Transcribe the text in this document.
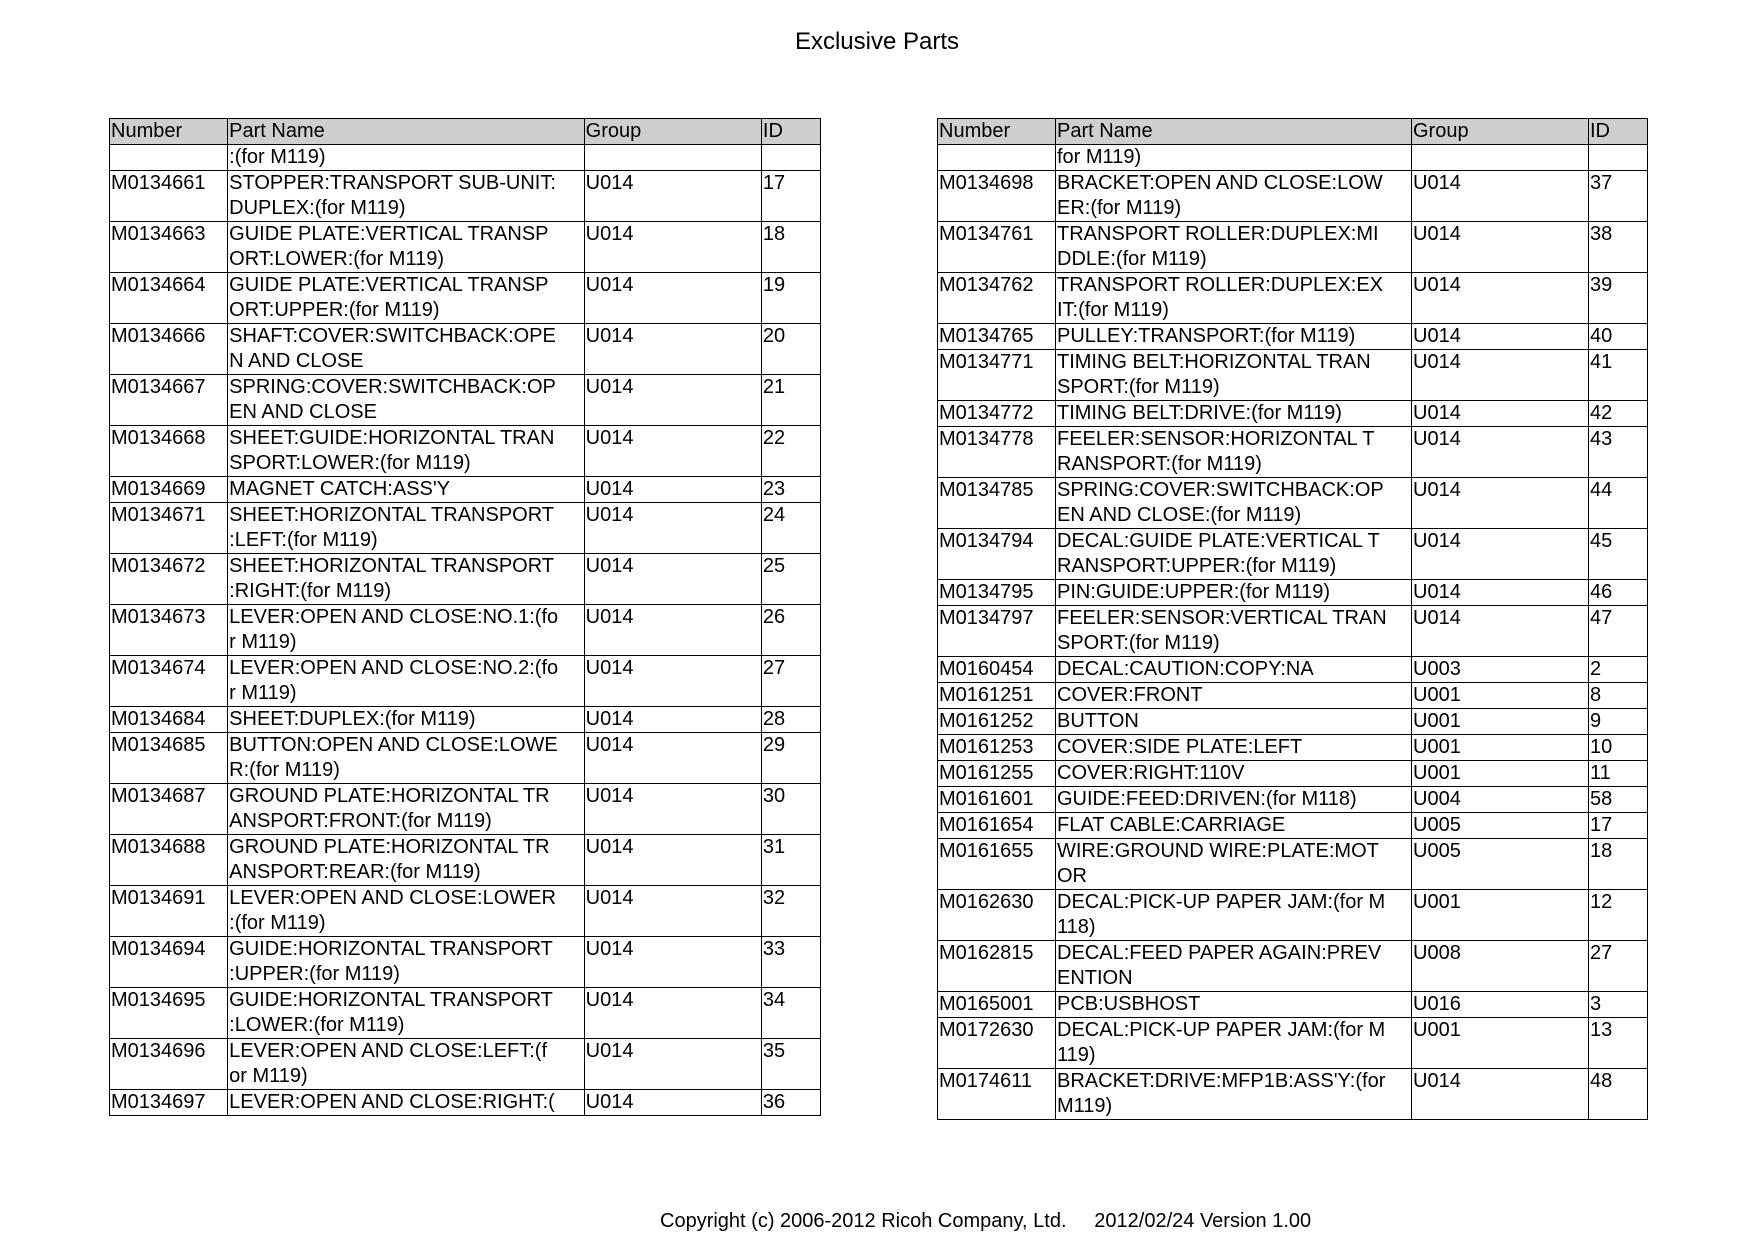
Exclusive Parts
Number	Part Name	Group	ID
	:(for M119)		
M0134661	STOPPER:TRANSPORT SUB-UNIT:
DUPLEX:(for M119)	U014	17
M0134663	GUIDE PLATE:VERTICAL TRANSP
ORT:LOWER:(for M119)	U014	18
M0134664	GUIDE PLATE:VERTICAL TRANSP
ORT:UPPER:(for M119)	U014	19
M0134666	SHAFT:COVER:SWITCHBACK:OPE
N AND CLOSE	U014	20
M0134667	SPRING:COVER:SWITCHBACK:OP
EN AND CLOSE	U014	21
M0134668	SHEET:GUIDE:HORIZONTAL TRAN
SPORT:LOWER:(for M119)	U014	22
M0134669	MAGNET CATCH:ASS'Y	U014	23
M0134671	SHEET:HORIZONTAL TRANSPORT
:LEFT:(for M119)	U014	24
M0134672	SHEET:HORIZONTAL TRANSPORT
:RIGHT:(for M119)	U014	25
M0134673	LEVER:OPEN AND CLOSE:NO.1:(fo
r M119)	U014	26
M0134674	LEVER:OPEN AND CLOSE:NO.2:(fo
r M119)	U014	27
M0134684	SHEET:DUPLEX:(for M119)	U014	28
M0134685	BUTTON:OPEN AND CLOSE:LOWE
R:(for M119)	U014	29
M0134687	GROUND PLATE:HORIZONTAL TR
ANSPORT:FRONT:(for M119)	U014	30
M0134688	GROUND PLATE:HORIZONTAL TR
ANSPORT:REAR:(for M119)	U014	31
M0134691	LEVER:OPEN AND CLOSE:LOWER
:(for M119)	U014	32
M0134694	GUIDE:HORIZONTAL TRANSPORT
:UPPER:(for M119)	U014	33
M0134695	GUIDE:HORIZONTAL TRANSPORT
:LOWER:(for M119)	U014	34
M0134696	LEVER:OPEN AND CLOSE:LEFT:(f
or M119)	U014	35
M0134697	LEVER:OPEN AND CLOSE:RIGHT:(	U014	36
Number	Part Name	Group	ID
	for M119)		
M0134698	BRACKET:OPEN AND CLOSE:LOW
ER:(for M119)	U014	37
M0134761	TRANSPORT ROLLER:DUPLEX:MI
DDLE:(for M119)	U014	38
M0134762	TRANSPORT ROLLER:DUPLEX:EX
IT:(for M119)	U014	39
M0134765	PULLEY:TRANSPORT:(for M119)	U014	40
M0134771	TIMING BELT:HORIZONTAL TRAN
SPORT:(for M119)	U014	41
M0134772	TIMING BELT:DRIVE:(for M119)	U014	42
M0134778	FEELER:SENSOR:HORIZONTAL T
RANSPORT:(for M119)	U014	43
M0134785	SPRING:COVER:SWITCHBACK:OP
EN AND CLOSE:(for M119)	U014	44
M0134794	DECAL:GUIDE PLATE:VERTICAL T
RANSPORT:UPPER:(for M119)	U014	45
M0134795	PIN:GUIDE:UPPER:(for M119)	U014	46
M0134797	FEELER:SENSOR:VERTICAL TRAN
SPORT:(for M119)	U014	47
M0160454	DECAL:CAUTION:COPY:NA	U003	2
M0161251	COVER:FRONT	U001	8
M0161252	BUTTON	U001	9
M0161253	COVER:SIDE PLATE:LEFT	U001	10
M0161255	COVER:RIGHT:110V	U001	11
M0161601	GUIDE:FEED:DRIVEN:(for M118)	U004	58
M0161654	FLAT CABLE:CARRIAGE	U005	17
M0161655	WIRE:GROUND WIRE:PLATE:MOT
OR	U005	18
M0162630	DECAL:PICK-UP PAPER JAM:(for M
118)	U001	12
M0162815	DECAL:FEED PAPER AGAIN:PREV
ENTION	U008	27
M0165001	PCB:USBHOST	U016	3
M0172630	DECAL:PICK-UP PAPER JAM:(for M
119)	U001	13
M0174611	BRACKET:DRIVE:MFP1B:ASS'Y:(for
M119)	U014	48
Copyright (c) 2006-2012 Ricoh Company, Ltd.     2012/02/24 Version 1.00
